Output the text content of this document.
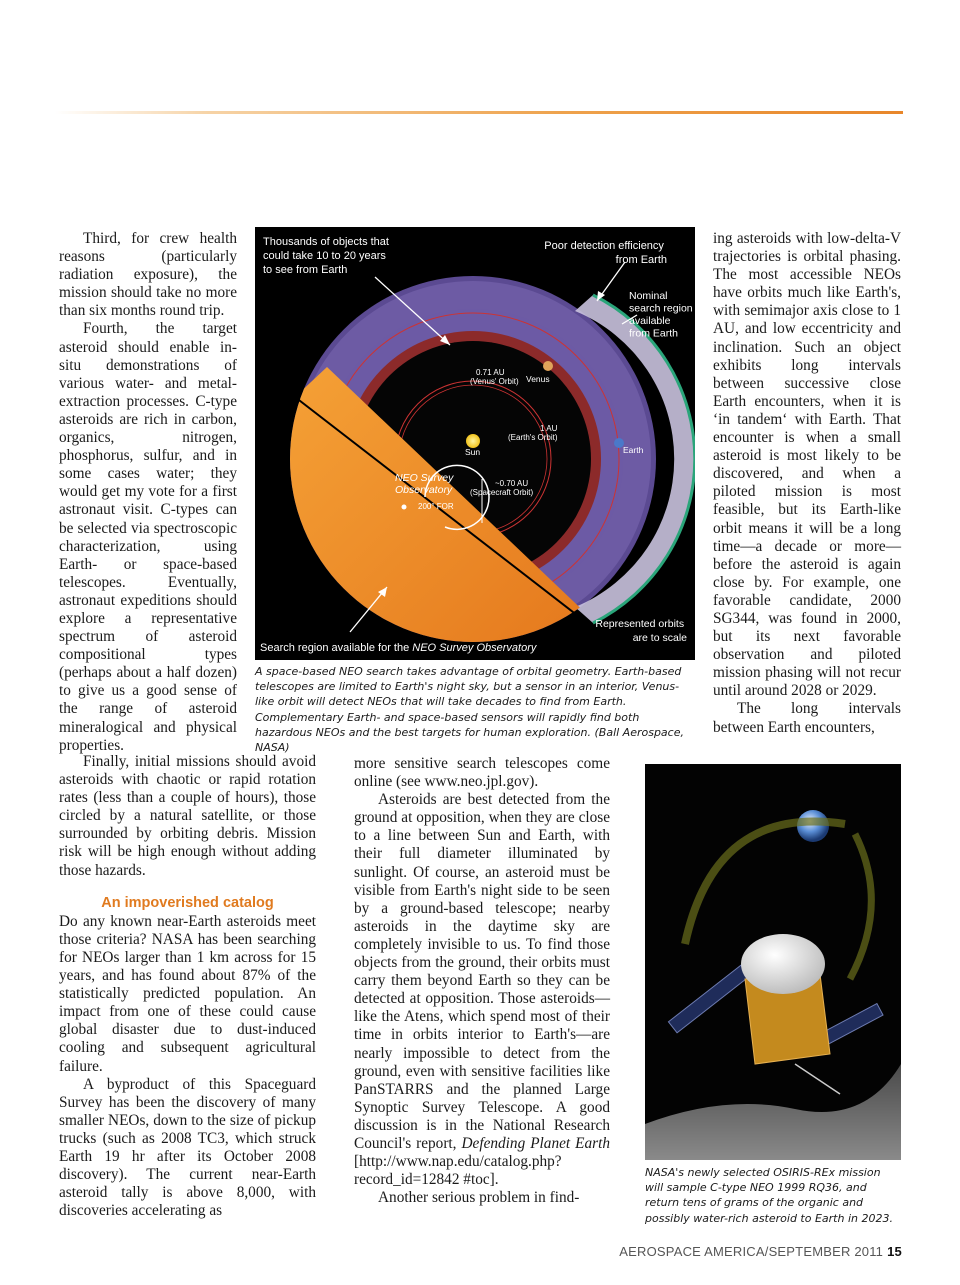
Third, for crew health reasons (particularly radiation exposure), the mission should take no more than six months round trip.

Fourth, the target asteroid should enable in-situ demonstrations of various water- and metal-extraction processes. C-type asteroids are rich in carbon, organics, nitrogen, phosphorus, sulfur, and in some cases water; they would get my vote for a first astronaut visit. C-types can be selected via spectroscopic characterization, using Earth- or space-based telescopes. Eventually, astronaut expeditions should explore a representative spectrum of asteroid compositional types (perhaps about a half dozen) to give us a good sense of the range of asteroid mineralogical and physical properties.

Finally, initial missions should avoid asteroids with chaotic or rapid rotation rates (less than a couple of hours), those circled by a natural satellite, or those surrounded by orbiting debris. Mission risk will be high enough without adding those hazards.

An impoverished catalog

Do any known near-Earth asteroids meet those criteria? NASA has been searching for NEOs larger than 1 km across for 15 years, and has found about 87% of the statistically predicted population. An impact from one of these could cause global disaster due to dust-induced cooling and subsequent agricultural failure.

A byproduct of this Spaceguard Survey has been the discovery of many smaller NEOs, down to the size of pickup trucks (such as 2008 TC3, which struck Earth 19 hr after its October 2008 discovery). The current near-Earth asteroid tally is above 8,000, with discoveries accelerating as

Thousands of objects that could take 10 to 20 years to see from Earth
Poor detection efficiency from Earth
Nominal search region available from Earth
0.71 AU (Venus' Orbit) Venus
1 AU (Earth's Orbit)
Earth
Sun
NEO Survey Observatory
~0.70 AU (Spacecraft Orbit)
200° FOR
Represented orbits are to scale
Search region available for the NEO Survey Observatory
A space-based NEO search takes advantage of orbital geometry. Earth-based telescopes are limited to Earth's night sky, but a sensor in an interior, Venus-like orbit will detect NEOs that will take decades to find from Earth. Complementary Earth- and space-based sensors will rapidly find both hazardous NEOs and the best targets for human exploration. (Ball Aerospace, NASA)

more sensitive search telescopes come online (see www.neo.jpl.gov).

Asteroids are best detected from the ground at opposition, when they are close to a line between Sun and Earth, with their full diameter illuminated by sunlight. Of course, an asteroid must be visible from Earth's night side to be seen by a ground-based telescope; nearby asteroids in the daytime sky are completely invisible to us. To find those objects from the ground, their orbits must carry them beyond Earth so they can be detected at opposition. Those asteroids—like the Atens, which spend most of their time in orbits interior to Earth's—are nearly impossible to detect from the ground, even with sensitive facilities like PanSTARRS and the planned Large Synoptic Survey Telescope. A good discussion is in the National Research Council's report, Defending Planet Earth [http://www.nap.edu/catalog.php?record_id=12842 #toc].

Another serious problem in find-

ing asteroids with low-delta-V trajectories is orbital phasing. The most accessible NEOs have orbits much like Earth's, with semimajor axis close to 1 AU, and low eccentricity and inclination. Such an object exhibits long intervals between successive close Earth encounters, when it is ‘in tandem‘ with Earth. That encounter is when a small asteroid is most likely to be discovered, and when a piloted mission is most feasible, but its Earth-like orbit means it will be a long time—a decade or more—before the asteroid is again close by. For example, one favorable candidate, 2000 SG344, was found in 2000, but its next favorable observation and piloted mission phasing will not recur until around 2028 or 2029.

The long intervals between Earth encounters,

NASA's newly selected OSIRIS-REx mission will sample C-type NEO 1999 RQ36, and return tens of grams of the organic and possibly water-rich asteroid to Earth in 2023.
AEROSPACE AMERICA/SEPTEMBER 2011 15
